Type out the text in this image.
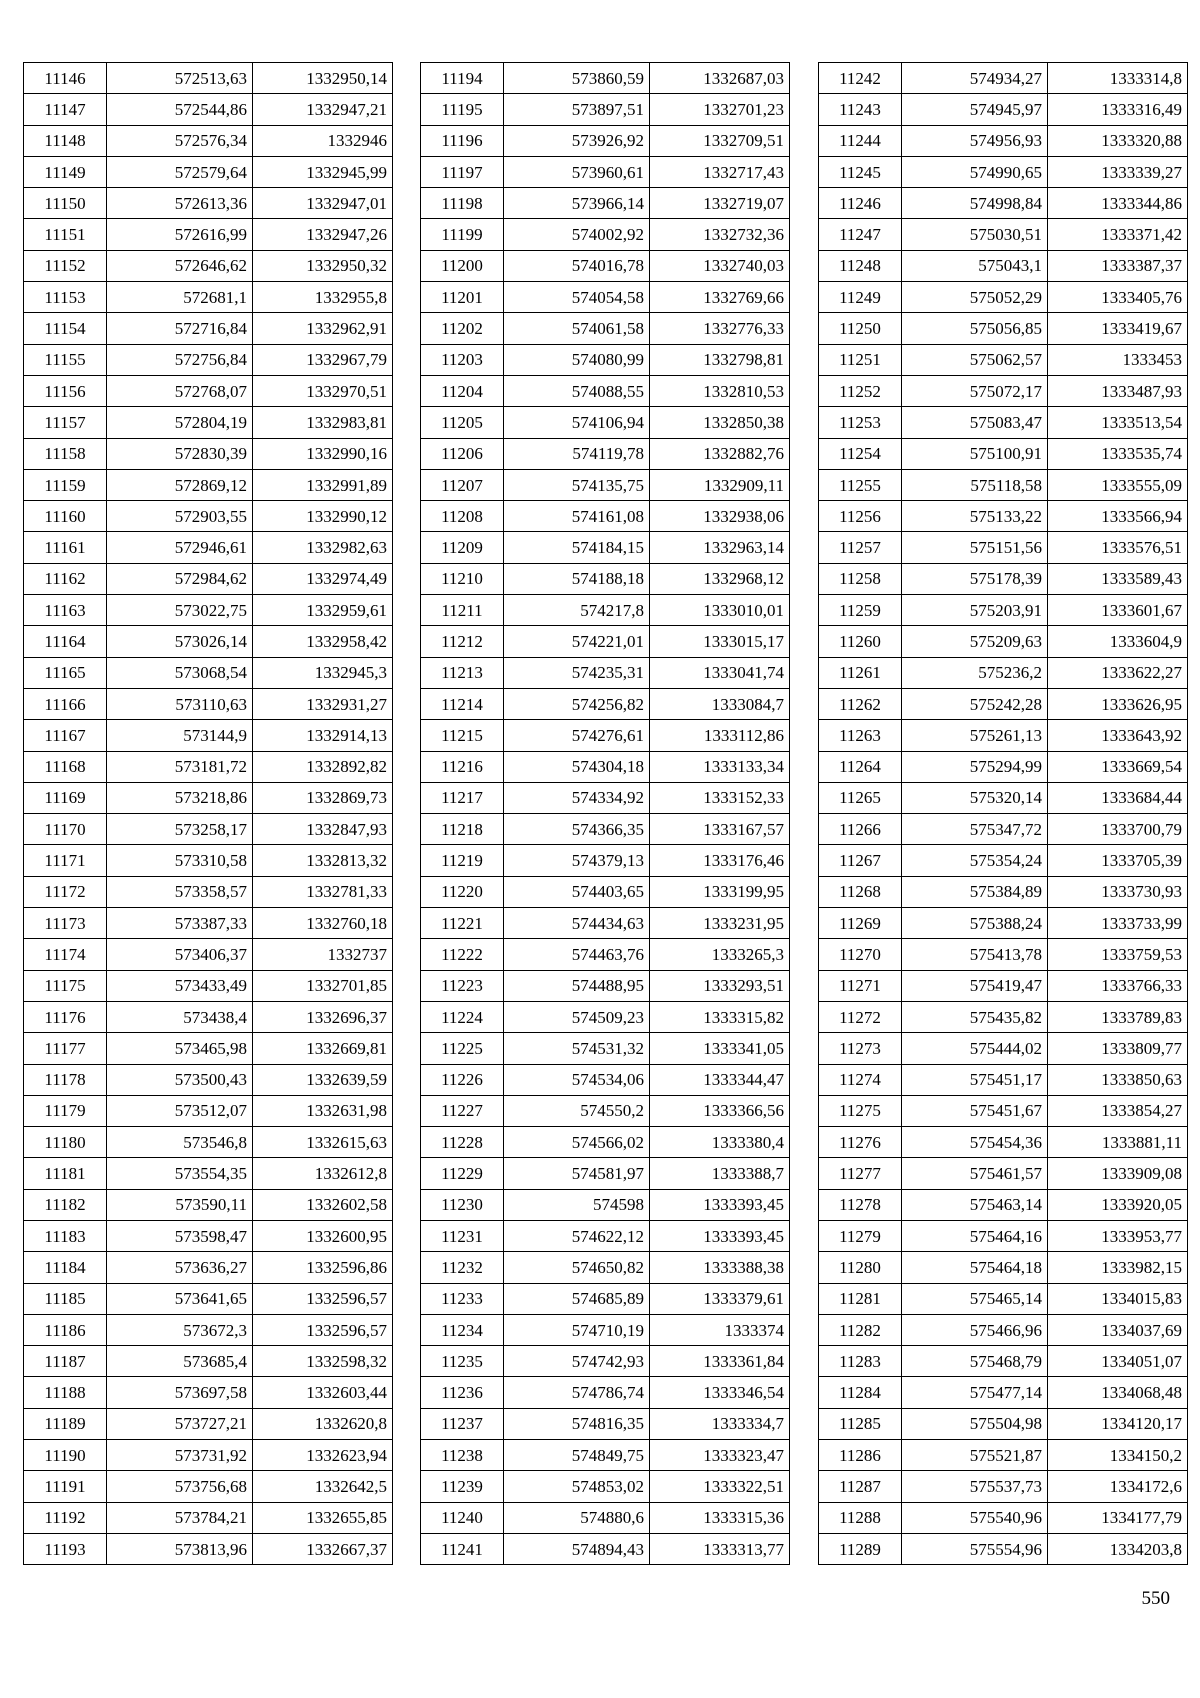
11146	572513,63	1332950,14
11147	572544,86	1332947,21
11148	572576,34	1332946
11149	572579,64	1332945,99
11150	572613,36	1332947,01
11151	572616,99	1332947,26
11152	572646,62	1332950,32
11153	572681,1	1332955,8
11154	572716,84	1332962,91
11155	572756,84	1332967,79
11156	572768,07	1332970,51
11157	572804,19	1332983,81
11158	572830,39	1332990,16
11159	572869,12	1332991,89
11160	572903,55	1332990,12
11161	572946,61	1332982,63
11162	572984,62	1332974,49
11163	573022,75	1332959,61
11164	573026,14	1332958,42
11165	573068,54	1332945,3
11166	573110,63	1332931,27
11167	573144,9	1332914,13
11168	573181,72	1332892,82
11169	573218,86	1332869,73
11170	573258,17	1332847,93
11171	573310,58	1332813,32
11172	573358,57	1332781,33
11173	573387,33	1332760,18
11174	573406,37	1332737
11175	573433,49	1332701,85
11176	573438,4	1332696,37
11177	573465,98	1332669,81
11178	573500,43	1332639,59
11179	573512,07	1332631,98
11180	573546,8	1332615,63
11181	573554,35	1332612,8
11182	573590,11	1332602,58
11183	573598,47	1332600,95
11184	573636,27	1332596,86
11185	573641,65	1332596,57
11186	573672,3	1332596,57
11187	573685,4	1332598,32
11188	573697,58	1332603,44
11189	573727,21	1332620,8
11190	573731,92	1332623,94
11191	573756,68	1332642,5
11192	573784,21	1332655,85
11193	573813,96	1332667,37
11194	573860,59	1332687,03
11195	573897,51	1332701,23
11196	573926,92	1332709,51
11197	573960,61	1332717,43
11198	573966,14	1332719,07
11199	574002,92	1332732,36
11200	574016,78	1332740,03
11201	574054,58	1332769,66
11202	574061,58	1332776,33
11203	574080,99	1332798,81
11204	574088,55	1332810,53
11205	574106,94	1332850,38
11206	574119,78	1332882,76
11207	574135,75	1332909,11
11208	574161,08	1332938,06
11209	574184,15	1332963,14
11210	574188,18	1332968,12
11211	574217,8	1333010,01
11212	574221,01	1333015,17
11213	574235,31	1333041,74
11214	574256,82	1333084,7
11215	574276,61	1333112,86
11216	574304,18	1333133,34
11217	574334,92	1333152,33
11218	574366,35	1333167,57
11219	574379,13	1333176,46
11220	574403,65	1333199,95
11221	574434,63	1333231,95
11222	574463,76	1333265,3
11223	574488,95	1333293,51
11224	574509,23	1333315,82
11225	574531,32	1333341,05
11226	574534,06	1333344,47
11227	574550,2	1333366,56
11228	574566,02	1333380,4
11229	574581,97	1333388,7
11230	574598	1333393,45
11231	574622,12	1333393,45
11232	574650,82	1333388,38
11233	574685,89	1333379,61
11234	574710,19	1333374
11235	574742,93	1333361,84
11236	574786,74	1333346,54
11237	574816,35	1333334,7
11238	574849,75	1333323,47
11239	574853,02	1333322,51
11240	574880,6	1333315,36
11241	574894,43	1333313,77
11242	574934,27	1333314,8
11243	574945,97	1333316,49
11244	574956,93	1333320,88
11245	574990,65	1333339,27
11246	574998,84	1333344,86
11247	575030,51	1333371,42
11248	575043,1	1333387,37
11249	575052,29	1333405,76
11250	575056,85	1333419,67
11251	575062,57	1333453
11252	575072,17	1333487,93
11253	575083,47	1333513,54
11254	575100,91	1333535,74
11255	575118,58	1333555,09
11256	575133,22	1333566,94
11257	575151,56	1333576,51
11258	575178,39	1333589,43
11259	575203,91	1333601,67
11260	575209,63	1333604,9
11261	575236,2	1333622,27
11262	575242,28	1333626,95
11263	575261,13	1333643,92
11264	575294,99	1333669,54
11265	575320,14	1333684,44
11266	575347,72	1333700,79
11267	575354,24	1333705,39
11268	575384,89	1333730,93
11269	575388,24	1333733,99
11270	575413,78	1333759,53
11271	575419,47	1333766,33
11272	575435,82	1333789,83
11273	575444,02	1333809,77
11274	575451,17	1333850,63
11275	575451,67	1333854,27
11276	575454,36	1333881,11
11277	575461,57	1333909,08
11278	575463,14	1333920,05
11279	575464,16	1333953,77
11280	575464,18	1333982,15
11281	575465,14	1334015,83
11282	575466,96	1334037,69
11283	575468,79	1334051,07
11284	575477,14	1334068,48
11285	575504,98	1334120,17
11286	575521,87	1334150,2
11287	575537,73	1334172,6
11288	575540,96	1334177,79
11289	575554,96	1334203,8
550
